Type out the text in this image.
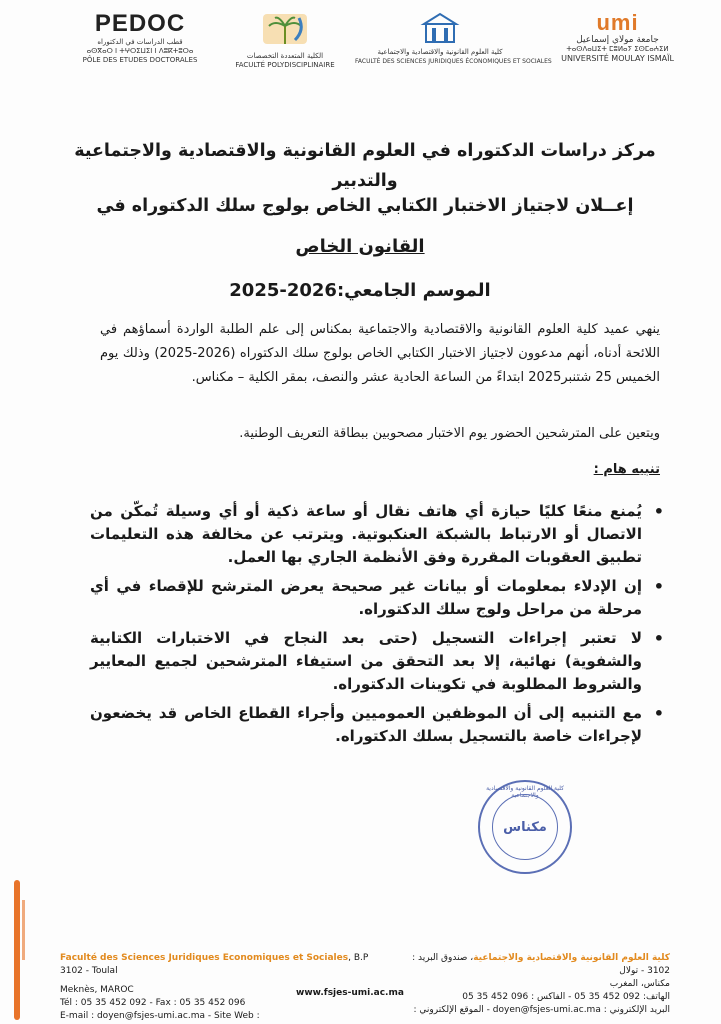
PEDOC
قطب الدراسات في الدكتوراه
ⴰⵙⴳⴰⵔ ⵏ ⵜⵖⵔⵉⵡⵉⵏ ⵏ ⴷⵓⴽⵜⵓⵔⴰ
PÔLE DES ETUDES DOCTORALES	الكلية المتعددة التخصصات
FACULTÉ POLYDISCIPLINAIRE
كلية العلوم القانونية والاقتصادية والاجتماعية
FACULTÉ DES SCIENCES JURIDIQUES ÉCONOMIQUES ET SOCIALES
umi
جامعة مولاي إسماعيل
ⵜⴰⵙⴷⴰⵡⵉⵜ ⵎⵓⵍⴰⵢ ⵉⵙⵎⴰⵄⵉⵍ
UNIVERSITÉ MOULAY ISMAÏL
مركز دراسات الدكتوراه في العلوم القانونية والاقتصادية والاجتماعية
والتدبير
إعــلان لاجتياز الاختبار الكتابي الخاص بولوج سلك الدكتوراه في
القانون الخاص
الموسم الجامعي:2026-2025
ينهي عميد كلية العلوم القانونية والاقتصادية والاجتماعية بمكناس إلى علم الطلبة الواردة أسماؤهم في اللائحة أدناه، أنهم مدعوون لاجتياز الاختبار الكتابي الخاص بولوج سلك الدكتوراه (2026-2025) وذلك يوم الخميس 25 شتنبر2025 ابتداءً من الساعة الحادية عشر والنصف، بمقر الكلية – مكناس.
ويتعين على المترشحين الحضور يوم الاختبار مصحوبين ببطاقة التعريف الوطنية.
تنبيه هام :
• يُمنع منعًا كليًا حيازة أي هاتف نقال أو ساعة ذكية أو أي وسيلة تُمكّن من الاتصال أو الارتباط بالشبكة العنكبوتية. ويترتب عن مخالفة هذه التعليمات تطبيق العقوبات المقررة وفق الأنظمة الجاري بها العمل.
• إن الإدلاء بمعلومات أو بيانات غير صحيحة يعرض المترشح للإقصاء في أي مرحلة من مراحل ولوج سلك الدكتوراه.
• لا تعتبر إجراءات التسجيل (حتى بعد النجاح في الاختبارات الكتابية والشفوية) نهائية، إلا بعد التحقق من استيفاء المترشحين لجميع المعايير والشروط المطلوبة في تكوينات الدكتوراه.
• مع التنبيه إلى أن الموظفين العموميين وأجراء القطاع الخاص قد يخضعون لإجراءات خاصة بالتسجيل بسلك الدكتوراه.
كلية العلوم القانونية والاقتصادية والاجتماعية
مكناس
Faculté des Sciences Juridiques Economiques et Sociales, B.P 3102 - Toulal
Meknès, MAROC
Tél : 05 35 452 092 - Fax : 05 35 452 096
E-mail : doyen@fsjes-umi.ac.ma - Site Web :
www.fsjes-umi.ac.ma
كلية العلوم القانونية والاقتصادية والاجتماعية، صندوق البريد : 3102 - تولال
مكناس، المغرب
الهاتف: 092 452 35 05 - الفاكس : 096 452 35 05
البريد الإلكتروني : doyen@fsjes-umi.ac.ma - الموقع الإلكتروني :
